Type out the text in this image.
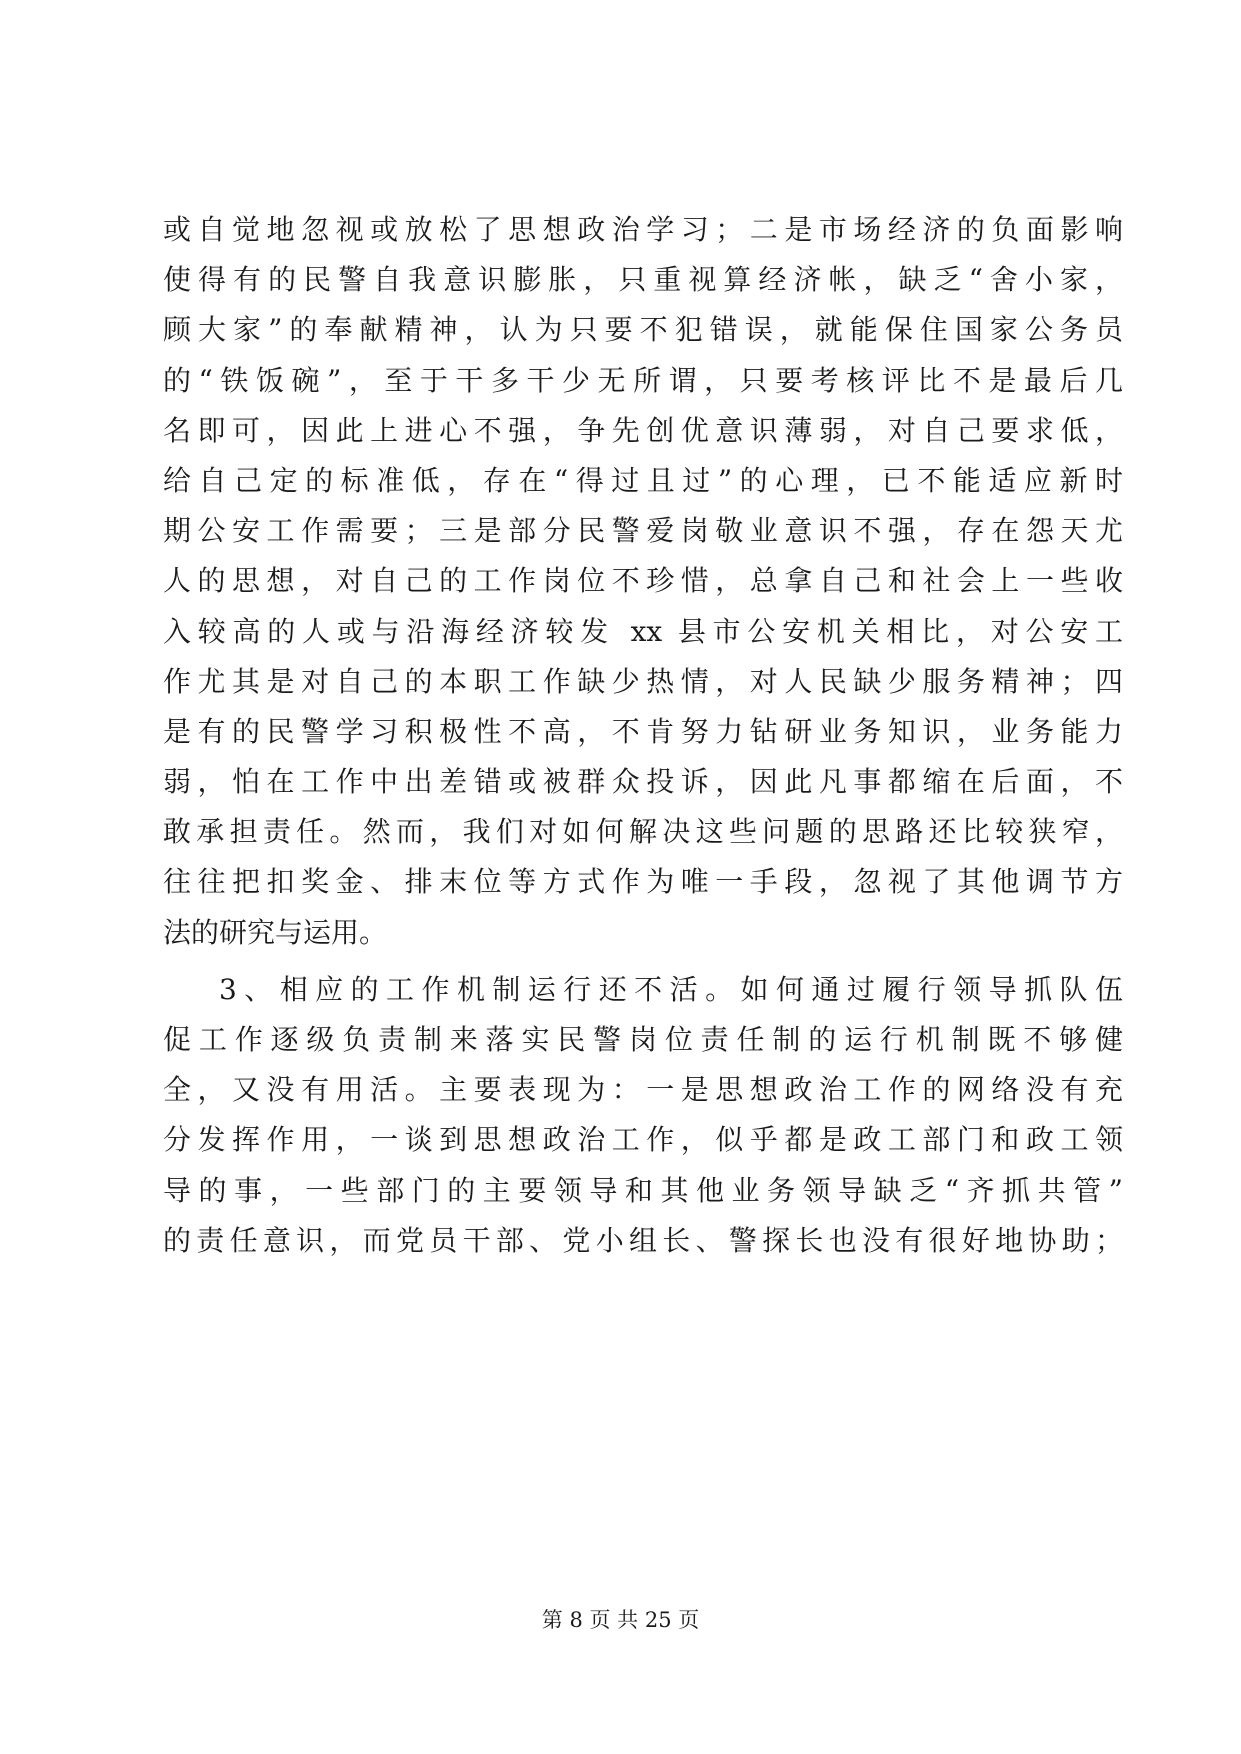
或自觉地忽视或放松了思想政治学习；二是市场经济的负面影响
使得有的民警自我意识膨胀，只重视算经济帐，缺乏“舍小家，
顾大家”的奉献精神，认为只要不犯错误，就能保住国家公务员
的“铁饭碗”，至于干多干少无所谓，只要考核评比不是最后几
名即可，因此上进心不强，争先创优意识薄弱，对自己要求低，
给自己定的标准低，存在“得过且过”的心理，已不能适应新时
期公安工作需要；三是部分民警爱岗敬业意识不强，存在怨天尤
人的思想，对自己的工作岗位不珍惜，总拿自己和社会上一些收
入较高的人或与沿海经济较发 xx 县市公安机关相比，对公安工
作尤其是对自己的本职工作缺少热情，对人民缺少服务精神；四
是有的民警学习积极性不高，不肯努力钻研业务知识，业务能力
弱，怕在工作中出差错或被群众投诉，因此凡事都缩在后面，不
敢承担责任。然而，我们对如何解决这些问题的思路还比较狭窄，
往往把扣奖金、排末位等方式作为唯一手段，忽视了其他调节方
法的研究与运用。
3、相应的工作机制运行还不活。如何通过履行领导抓队伍
促工作逐级负责制来落实民警岗位责任制的运行机制既不够健
全，又没有用活。主要表现为：一是思想政治工作的网络没有充
分发挥作用，一谈到思想政治工作，似乎都是政工部门和政工领
导的事，一些部门的主要领导和其他业务领导缺乏“齐抓共管”
的责任意识，而党员干部、党小组长、警探长也没有很好地协助；
第 8 页 共 25 页
